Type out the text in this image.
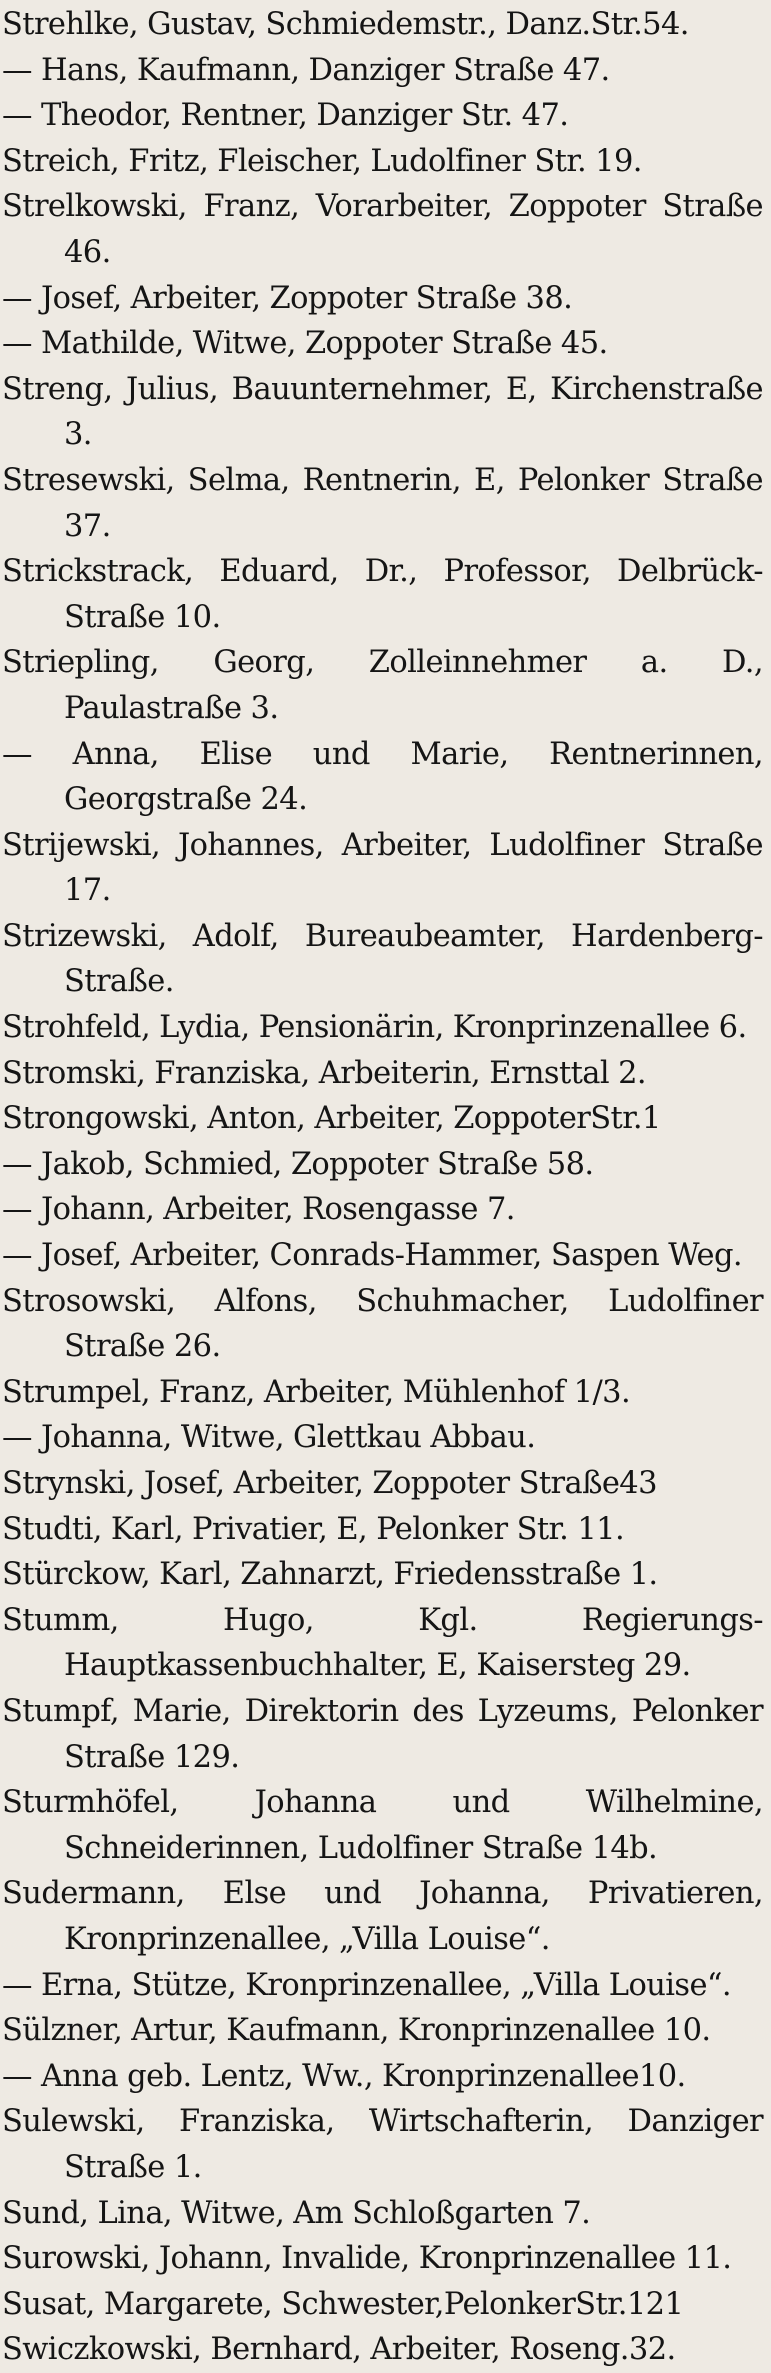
Strehlke, Gustav, Schmiedemstr., Danz.Str.54.

— Hans, Kaufmann, Danziger Straße 47.

— Theodor, Rentner, Danziger Str. 47.

Streich, Fritz, Fleischer, Ludolfiner Str. 19.

Strelkowski, Franz, Vorarbeiter, Zoppoter Straße 46.

— Josef, Arbeiter, Zoppoter Straße 38.

— Mathilde, Witwe, Zoppoter Straße 45.

Streng, Julius, Bauunternehmer, E, Kirchenstraße 3.

Stresewski, Selma, Rentnerin, E, Pelonker Straße 37.

Strickstrack, Eduard, Dr., Professor, Delbrück-Straße 10.

Striepling, Georg, Zolleinnehmer a. D., Paulastraße 3.

— Anna, Elise und Marie, Rentnerinnen, Georgstraße 24.

Strijewski, Johannes, Arbeiter, Ludolfiner Straße 17.

Strizewski, Adolf, Bureaubeamter, Hardenberg-Straße.

Strohfeld, Lydia, Pensionärin, Kronprinzenallee 6.

Stromski, Franziska, Arbeiterin, Ernsttal 2.

Strongowski, Anton, Arbeiter, ZoppoterStr.1

— Jakob, Schmied, Zoppoter Straße 58.

— Johann, Arbeiter, Rosengasse 7.

— Josef, Arbeiter, Conrads-Hammer, Saspen Weg.

Strosowski, Alfons, Schuhmacher, Ludolfiner Straße 26.

Strumpel, Franz, Arbeiter, Mühlenhof 1/3.

— Johanna, Witwe, Glettkau Abbau.

Strynski, Josef, Arbeiter, Zoppoter Straße43

Studti, Karl, Privatier, E, Pelonker Str. 11.

Stürckow, Karl, Zahnarzt, Friedensstraße 1.

Stumm, Hugo, Kgl. Regierungs-Hauptkassenbuchhalter, E, Kaisersteg 29.

Stumpf, Marie, Direktorin des Lyzeums, Pelonker Straße 129.

Sturmhöfel, Johanna und Wilhelmine, Schneiderinnen, Ludolfiner Straße 14b.

Sudermann, Else und Johanna, Privatieren, Kronprinzenallee, „Villa Louise“.

— Erna, Stütze, Kronprinzenallee, „Villa Louise“.

Sülzner, Artur, Kaufmann, Kronprinzenallee 10.

— Anna geb. Lentz, Ww., Kronprinzenallee10.

Sulewski, Franziska, Wirtschafterin, Danziger Straße 1.

Sund, Lina, Witwe, Am Schloßgarten 7.

Surowski, Johann, Invalide, Kronprinzenallee 11.

Susat, Margarete, Schwester,PelonkerStr.121

Swiczkowski, Bernhard, Arbeiter, Roseng.32.
